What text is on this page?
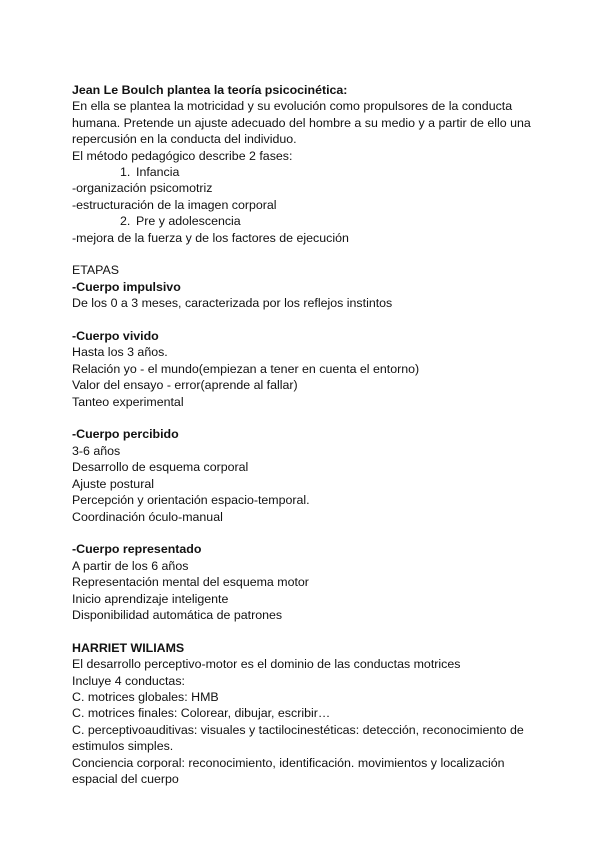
Jean Le Boulch plantea la teoría psicocinética:

En ella se plantea la motricidad y su evolución como propulsores de la conducta humana. Pretende un ajuste adecuado del hombre a su medio y a partir de ello una repercusión en la conducta del individuo.

El método pedagógico describe 2 fases:

1. Infancia

-organización psicomotriz

-estructuración de la imagen corporal

2. Pre y adolescencia

-mejora de la fuerza y de los factores de ejecución

ETAPAS

-Cuerpo impulsivo

De los 0 a 3 meses, caracterizada por los reflejos instintos

-Cuerpo vivido

Hasta los 3 años.

Relación yo - el mundo(empiezan a tener en cuenta el entorno)

Valor del ensayo - error(aprende al fallar)

Tanteo experimental

-Cuerpo percibido

3-6 años

Desarrollo de esquema corporal

Ajuste postural

Percepción y orientación espacio-temporal.

Coordinación óculo-manual

-Cuerpo representado

A partir de los 6 años

Representación mental del esquema motor

Inicio aprendizaje inteligente

Disponibilidad automática de patrones

HARRIET WILIAMS

El desarrollo perceptivo-motor es el dominio de las conductas motrices

Incluye 4 conductas:

C. motrices globales: HMB

C. motrices finales: Colorear, dibujar, escribir…

C. perceptivoauditivas: visuales y tactilocinestéticas: detección, reconocimiento de estimulos simples.

Conciencia corporal: reconocimiento, identificación. movimientos y localización espacial del cuerpo
